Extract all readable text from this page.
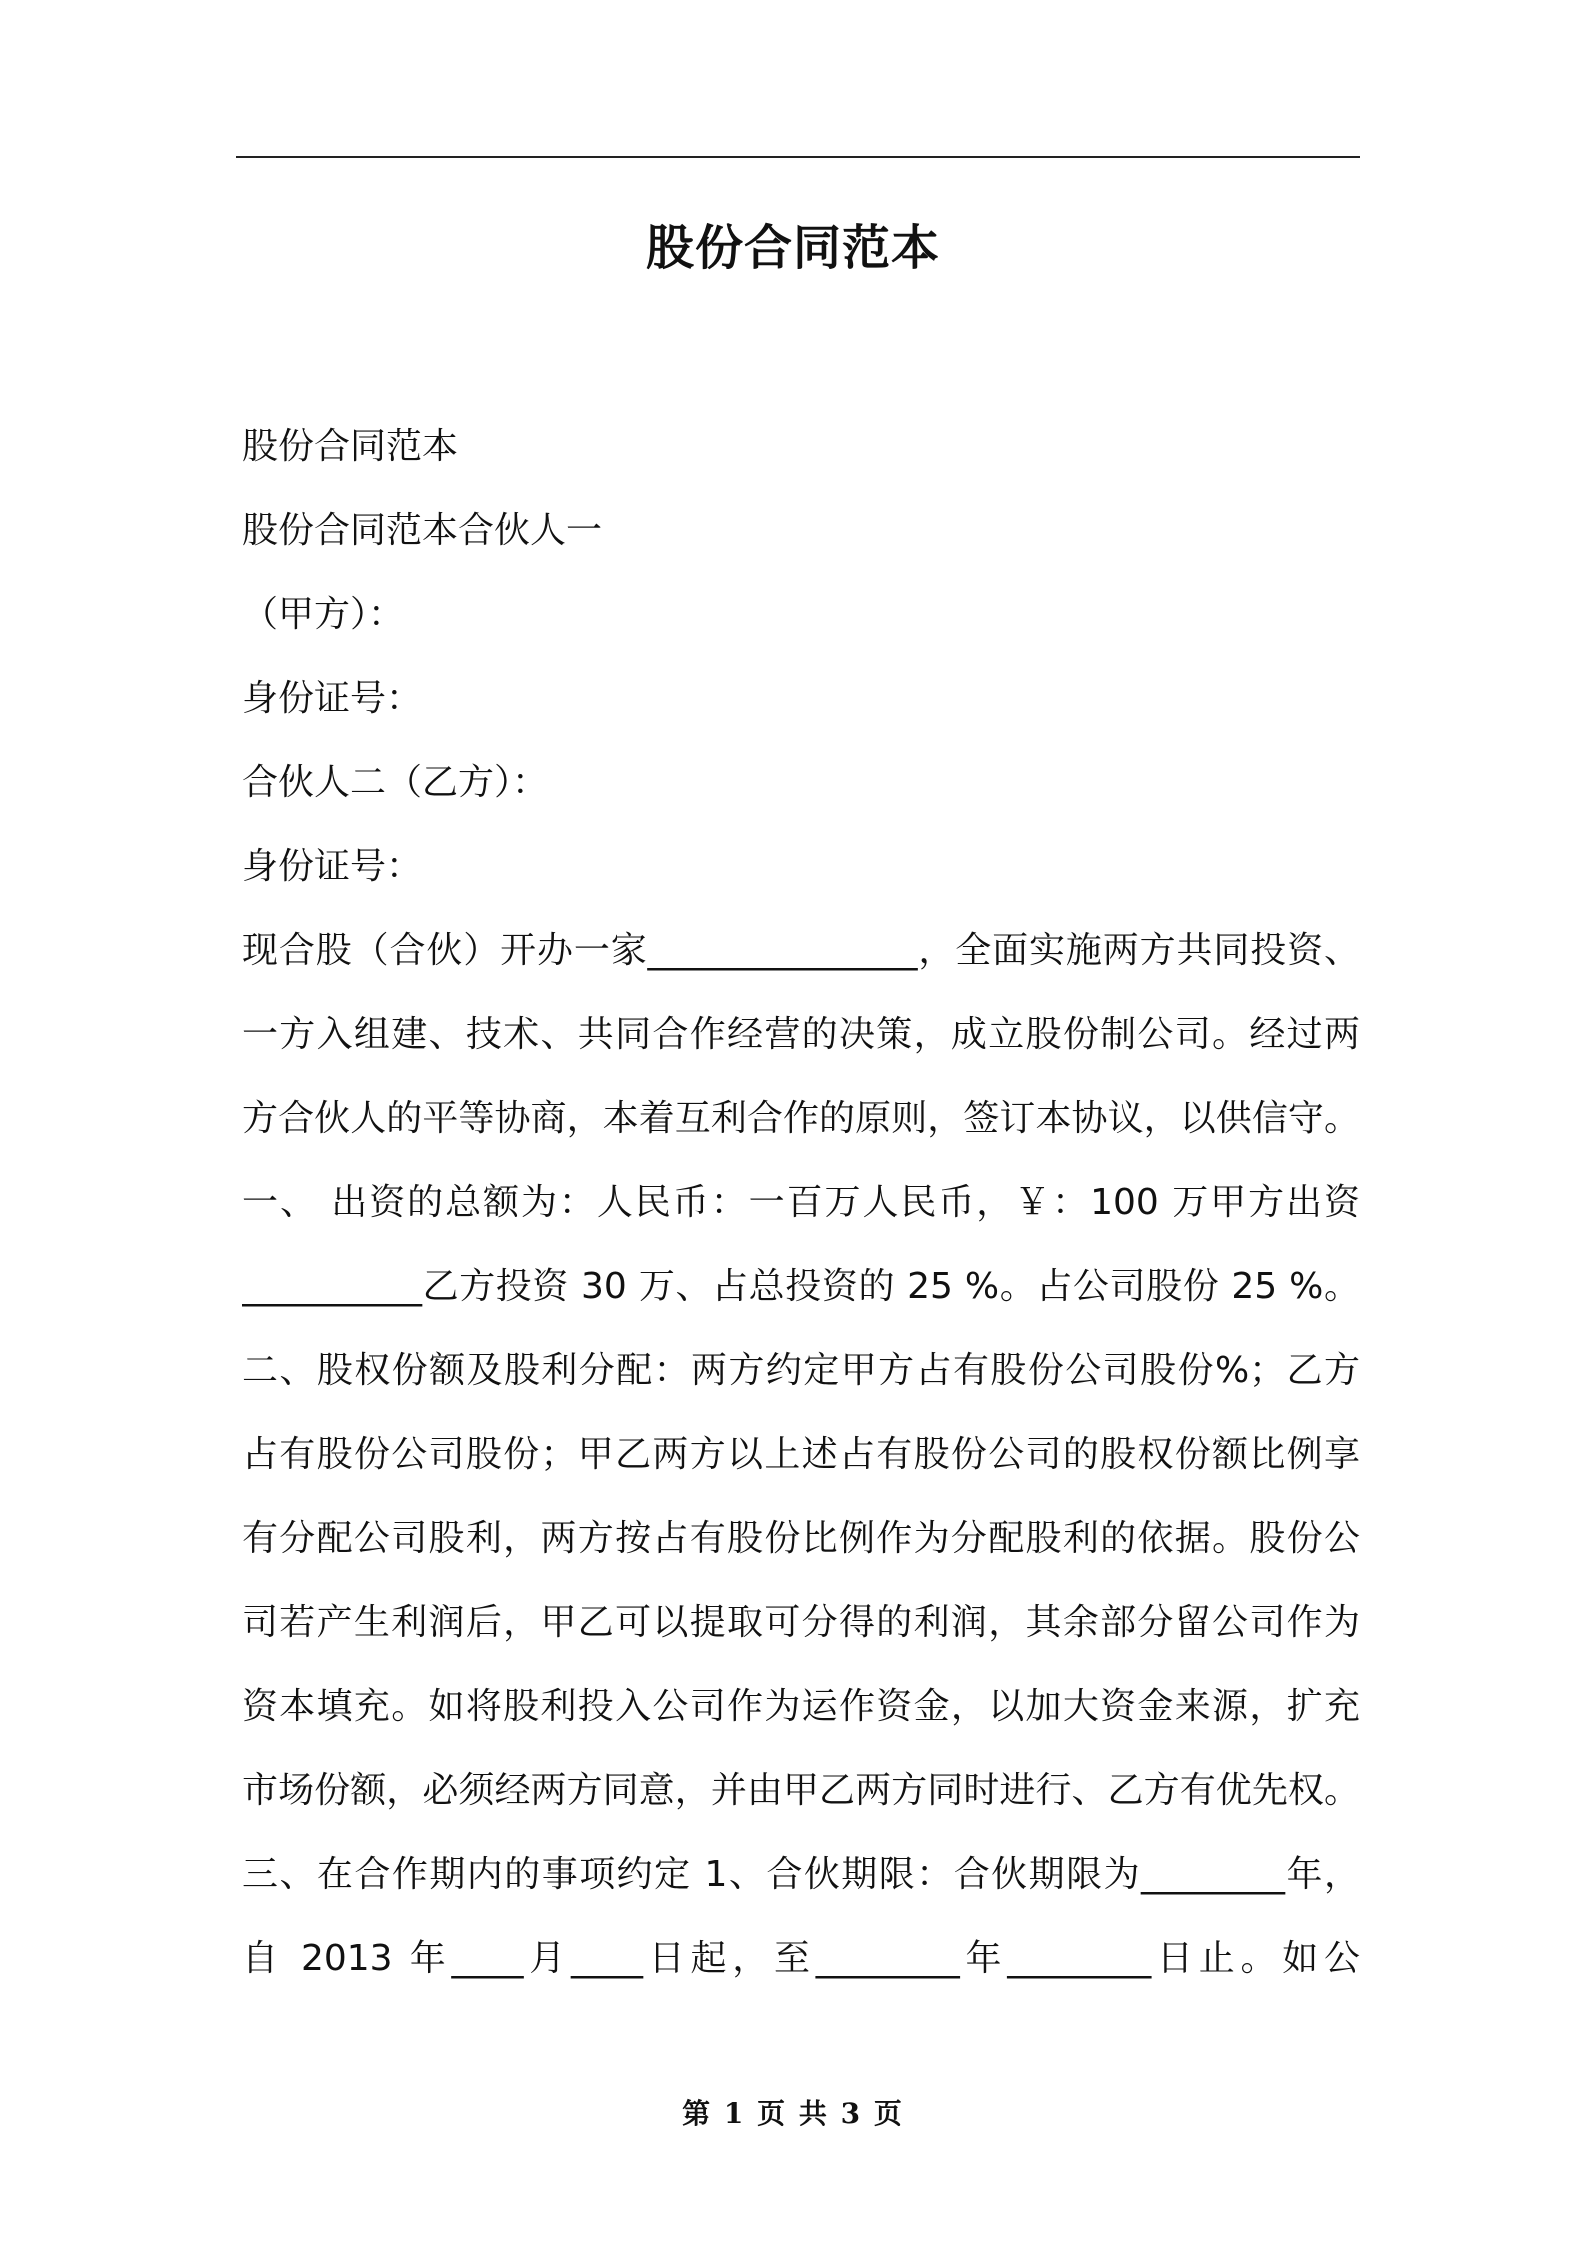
股份合同范本
股份合同范本
股份合同范本合伙人一
（甲方）：
身份证号：
合伙人二（乙方）：
身份证号：
现合股（合伙）开办一家_______________，全面实施两方共同投资、
一方入组建、技术、共同合作经营的决策，成立股份制公司。经过两
方合伙人的平等协商，本着互利合作的原则，签订本协议，以供信守。
一、 出资的总额为：人民币：一百万人民币，￥：100 万甲方出资
__________乙方投资 30 万、占总投资的 25 %。占公司股份 25 %。
二、股权份额及股利分配：两方约定甲方占有股份公司股份%；乙方
占有股份公司股份；甲乙两方以上述占有股份公司的股权份额比例享
有分配公司股利，两方按占有股份比例作为分配股利的依据。股份公
司若产生利润后，甲乙可以提取可分得的利润，其余部分留公司作为
资本填充。如将股利投入公司作为运作资金，以加大资金来源，扩充
市场份额，必须经两方同意，并由甲乙两方同时进行、乙方有优先权。
三、在合作期内的事项约定 1、合伙期限：合伙期限为________年，
自 2013 年____月____日起，至________年________日止。如公
第 1 页 共 3 页
